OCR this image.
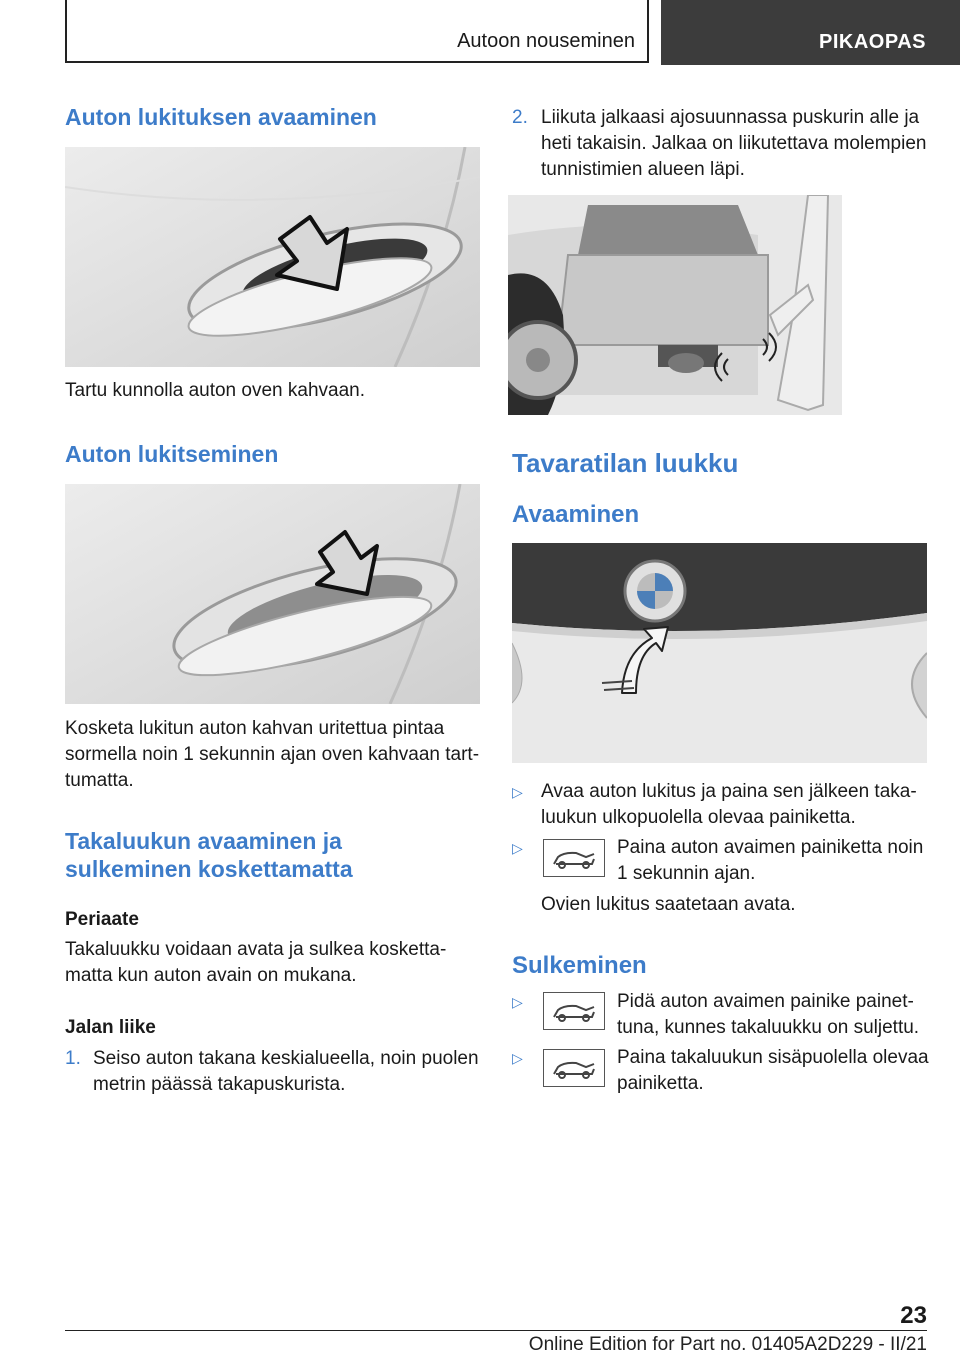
Autoon nouseminen	PIKAOPAS
Auton lukituksen avaaminen

Tartu kunnolla auton oven kahvaan.

Auton lukitseminen

Kosketa lukitun auton kahvan uritettua pintaa

sormella noin 1 sekunnin ajan oven kahvaan tart-

tumatta.

Takaluukun avaaminen ja
sulkeminen koskettamatta
Periaate

Takaluukku voidaan avata ja sulkea kosketta-

matta kun auton avain on mukana.

Jalan liike
1. Seiso auton takana keskialueella, noin puolen

metrin päässä takapuskurista.

2. Liikuta jalkaasi ajosuunnassa puskurin alle ja

heti takaisin. Jalkaa on liikutettava molempien

tunnistimien alueen läpi.

Tavaratilan luukku
Avaaminen
▷ Avaa auton lukitus ja paina sen jälkeen taka-

luukun ulkopuolella olevaa painiketta.

▷	Paina auton avaimen painiketta noin

1 sekunnin ajan.

Ovien lukitus saatetaan avata.

Sulkeminen
▷	Pidä auton avaimen painike painet-

tuna, kunnes takaluukku on suljettu.

▷	Paina takaluukun sisäpuolella olevaa

painiketta.

23
Online Edition for Part no. 01405A2D229 - II/21
